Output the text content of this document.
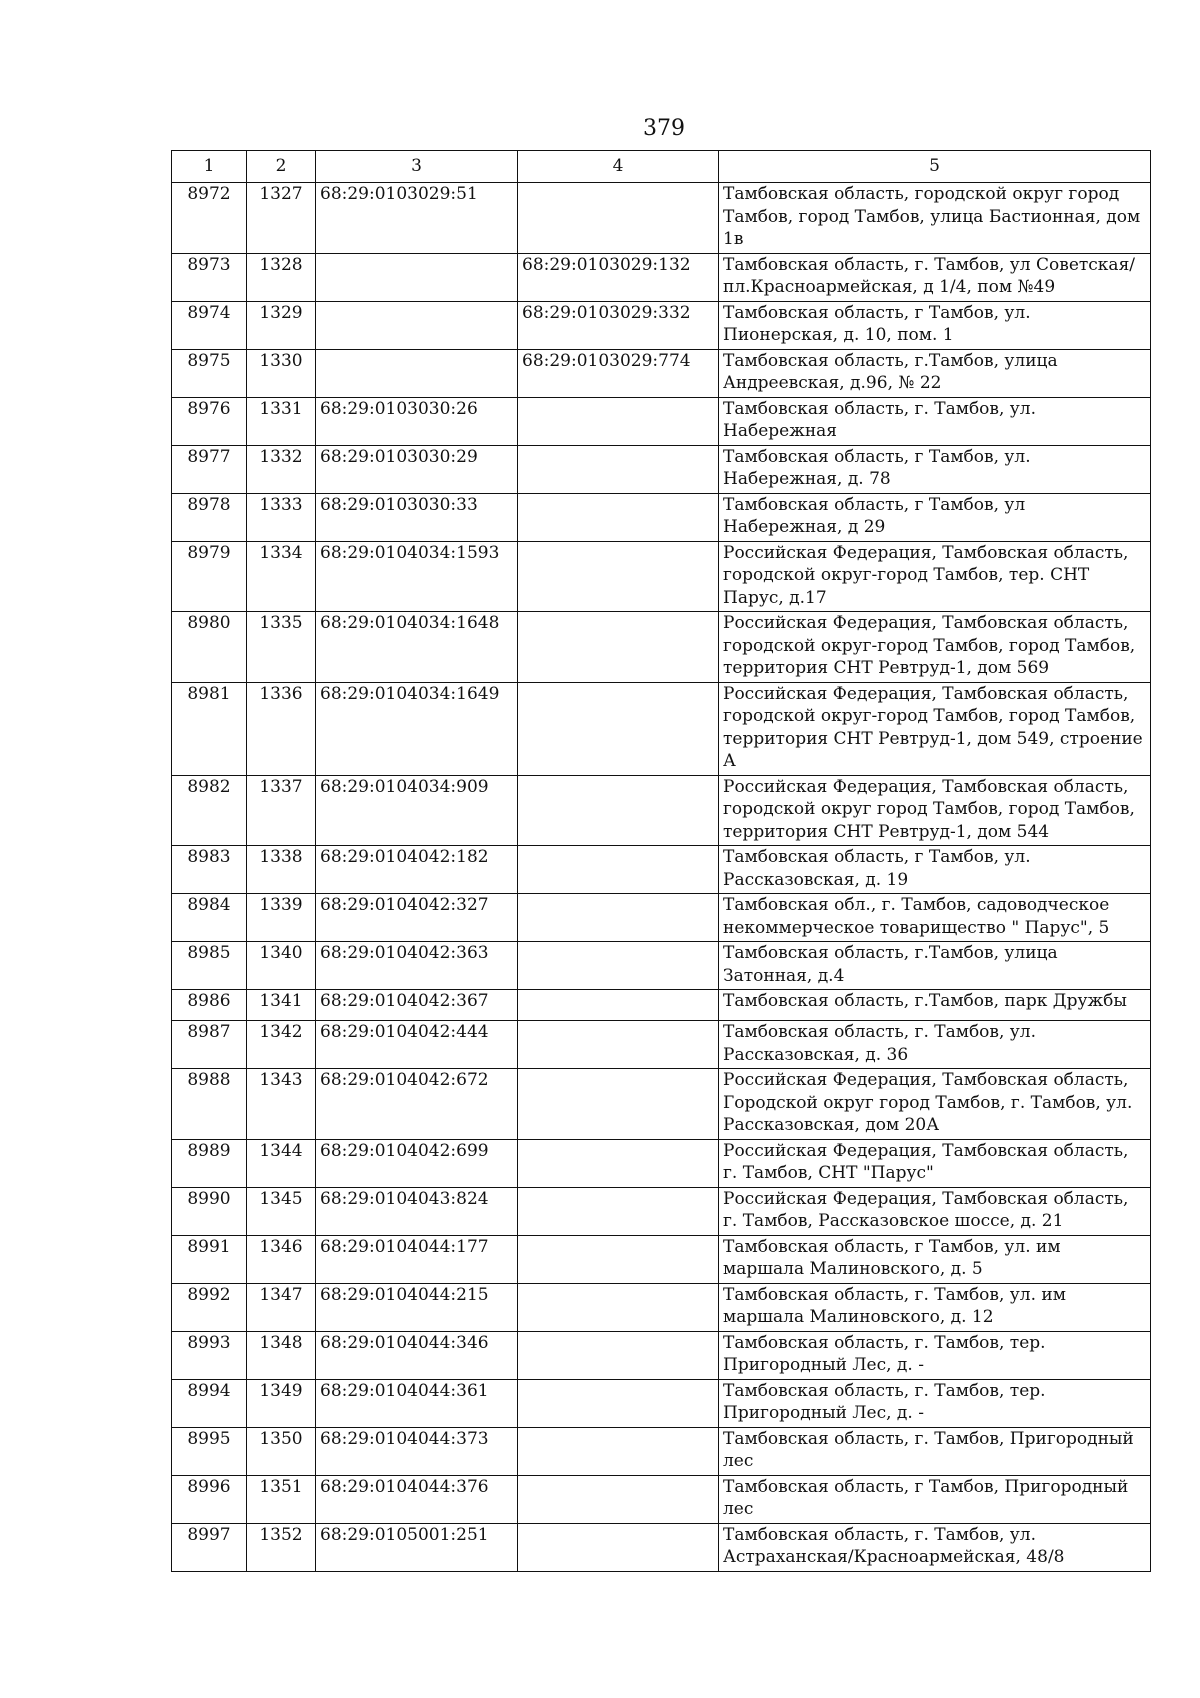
379
1	2	3	4	5
8972	1327	68:29:0103029:51		Тамбовская область, городской округ город Тамбов, город Тамбов, улица Бастионная, дом 1в
8973	1328		68:29:0103029:132	Тамбовская область, г. Тамбов, ул Советская/пл.Красноармейская, д 1/4, пом №49
8974	1329		68:29:0103029:332	Тамбовская область, г Тамбов, ул. Пионерская, д. 10, пом. 1
8975	1330		68:29:0103029:774	Тамбовская область, г.Тамбов, улица Андреевская, д.96, № 22
8976	1331	68:29:0103030:26		Тамбовская область, г. Тамбов, ул. Набережная
8977	1332	68:29:0103030:29		Тамбовская область, г Тамбов, ул. Набережная, д. 78
8978	1333	68:29:0103030:33		Тамбовская область, г Тамбов, ул Набережная, д 29
8979	1334	68:29:0104034:1593		Российская Федерация, Тамбовская область, городской округ-город Тамбов, тер. СНТ Парус, д.17
8980	1335	68:29:0104034:1648		Российская Федерация, Тамбовская область, городской округ-город Тамбов, город Тамбов, территория СНТ Ревтруд-1, дом 569
8981	1336	68:29:0104034:1649		Российская Федерация, Тамбовская область, городской округ-город Тамбов, город Тамбов, территория СНТ Ревтруд-1, дом 549, строение А
8982	1337	68:29:0104034:909		Российская Федерация, Тамбовская область, городской округ город Тамбов, город Тамбов, территория СНТ Ревтруд-1, дом 544
8983	1338	68:29:0104042:182		Тамбовская область, г Тамбов, ул. Рассказовская, д. 19
8984	1339	68:29:0104042:327		Тамбовская обл., г. Тамбов, садоводческое некоммерческое товарищество " Парус", 5
8985	1340	68:29:0104042:363		Тамбовская область, г.Тамбов, улица Затонная, д.4
8986	1341	68:29:0104042:367		Тамбовская область, г.Тамбов, парк Дружбы
8987	1342	68:29:0104042:444		Тамбовская область, г. Тамбов, ул. Рассказовская, д. 36
8988	1343	68:29:0104042:672		Российская Федерация, Тамбовская область, Городской округ город Тамбов, г. Тамбов, ул. Рассказовская, дом 20А
8989	1344	68:29:0104042:699		Российская Федерация, Тамбовская область, г. Тамбов, СНТ "Парус"
8990	1345	68:29:0104043:824		Российская Федерация, Тамбовская область, г. Тамбов, Рассказовское шоссе, д. 21
8991	1346	68:29:0104044:177		Тамбовская область, г Тамбов, ул. им маршала Малиновского, д. 5
8992	1347	68:29:0104044:215		Тамбовская область, г. Тамбов, ул. им маршала Малиновского, д. 12
8993	1348	68:29:0104044:346		Тамбовская область, г. Тамбов, тер. Пригородный Лес, д. -
8994	1349	68:29:0104044:361		Тамбовская область, г. Тамбов, тер. Пригородный Лес, д. -
8995	1350	68:29:0104044:373		Тамбовская область, г. Тамбов, Пригородный лес
8996	1351	68:29:0104044:376		Тамбовская область, г Тамбов, Пригородный лес
8997	1352	68:29:0105001:251		Тамбовская область, г. Тамбов, ул. Астраханская/Красноармейская, 48/8
